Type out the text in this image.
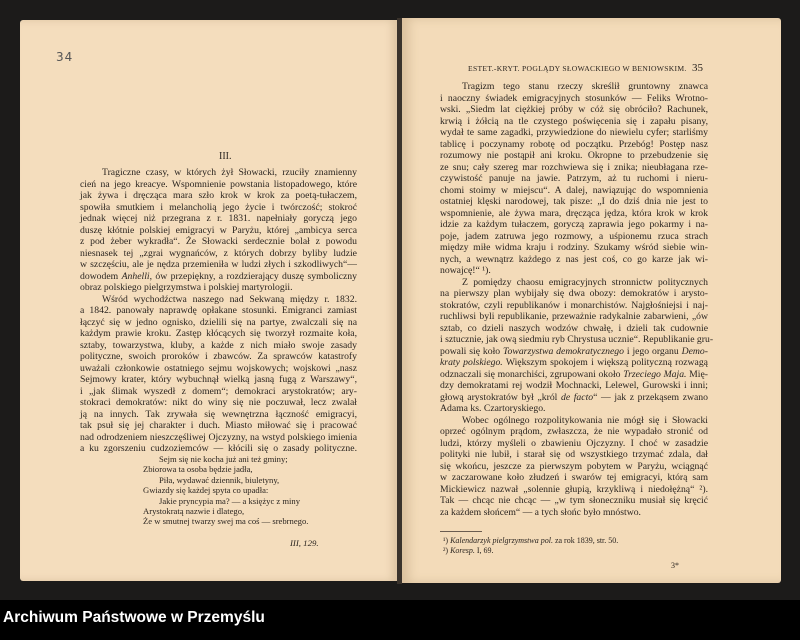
34
III.
Tragiczne czasy, w których żył Słowacki, rzuciły znamienny
cień na jego kreacye. Wspomnienie powstania listopadowego, które
jak żywa i dręcząca mara szło krok w krok za poetą-tułaczem,
spowiła smutkiem i melancholią jego życie i twórczość; stokroć
jednak więcej niż przegrana z r. 1831. napełniały goryczą jego
duszę kłótnie polskiej emigracyi w Paryżu, której „ambicya serca
z pod żeber wykradła“. Że Słowacki serdecznie bolał z powodu
niesnasek tej „zgrai wygnańców, z których dobrzy byliby ludzie
w szczęściu, ale je nędza przemieniła w ludzi złych i szkodliwych“—
dowodem Anhelli, ów przepiękny, a rozdzierający duszę symboliczny
obraz polskiego pielgrzymstwa i polskiej martyrologii.
Wśród wychodźctwa naszego nad Sekwaną między r. 1832.
a 1842. panowały naprawdę opłakane stosunki. Emigranci zamiast
łączyć się w jedno ognisko, dzielili się na partye, zwalczali się na
każdym prawie kroku. Zastęp kłócących się tworzył rozmaite koła,
sztaby, towarzystwa, kluby, a każde z nich miało swoje zasady
polityczne, swoich proroków i zbawców. Za sprawców katastrofy
uważali członkowie ostatniego sejmu wojskowych; wojskowi „nasz
Sejmowy krater, który wybuchnął wielką jasną fugą z Warszawy“,
i „jak ślimak wyszedł z domem“; demokraci arystokratów; ary-
stokraci demokratów: nikt do winy się nie poczuwał, lecz zwalał
ją na innych. Tak zrywała się wewnętrzna łączność emigracyi,
tak psuł się jej charakter i duch. Miasto miłować się i pracować
nad odrodzeniem nieszczęśliwej Ojczyzny, na wstyd polskiego imienia
a ku zgorszeniu cudzoziemców — kłócili się o zasady polityczne.
Sejm się nie kocha już ani też gminy;
Zbiorowa ta osoba będzie jadła,
Piła, wydawać dziennik, biuletyny,
Gwiazdy się każdej spyta co upadła:
Jakie pryncypia ma? — a księżyc z miny
Arystokratą nazwie i dlatego,
Że w smutnej twarzy swej ma coś — srebrnego.
III, 129.
ESTET.-KRYT. POGLĄDY SŁOWACKIEGO W BENIOWSKIM. 35
Tragizm tego stanu rzeczy skreślił gruntowny znawca
i naoczny świadek emigracyjnych stosunków — Feliks Wrotno-
wski. „Siedm lat ciężkiej próby w cóż się obróciło? Rachunek,
krwią i żółcią na tle czystego poświęcenia się i zapału pisany,
wydał te same zagadki, przywiedzione do niewielu cyfer; starliśmy
tablicę i poczynamy robotę od początku. Przebóg! Postęp nasz
rozumowy nie postąpił ani kroku. Okropne to przebudzenie się
ze snu; cały szereg mar rozchwiewa się i znika; nieubłagana rze-
czywistość panuje na jawie. Patrzym, aż tu ruchomi i nieru-
chomi stoimy w miejscu“. A dalej, nawiązując do wspomnienia
ostatniej klęski narodowej, tak pisze: „I do dziś dnia nie jest to
wspomnienie, ale żywa mara, dręcząca jędza, która krok w krok
idzie za każdym tułaczem, goryczą zaprawia jego pokarmy i na-
poje, jadem zatruwa jego rozmowy, a uśpionemu rzuca strach
między miłe widma kraju i rodziny. Szukamy wśród siebie win-
nych, a wewnątrz każdego z nas jest coś, co go karze jak wi-
nowajcę!“ ¹).
Z pomiędzy chaosu emigracyjnych stronnictw politycznych
na pierwszy plan wybijały się dwa obozy: demokratów i arysto-
stokratów, czyli republikanów i monarchistów. Najgłośniejsi i naj-
ruchliwsi byli republikanie, przeważnie radykalnie zabarwieni, „ów
sztab, co dzieli naszych wodzów chwałę, i dzieli tak cudownie
i sztucznie, jak ową siedmiu ryb Chrystusa ucznie“. Republikanie gru-
powali się koło Towarzystwa demokratycznego i jego organu Demo-
kraty polskiego. Większym spokojem i większą polityczną rozwagą
odznaczali się monarchiści, zgrupowani około Trzeciego Maja. Mię-
dzy demokratami rej wodził Mochnacki, Lelewel, Gurowski i inni;
głową arystokratów był „król de facto“ — jak z przekąsem zwano
Adama ks. Czartoryskiego.
Wobec ogólnego rozpolitykowania nie mógł się i Słowacki
oprzeć ogólnym prądom, zwłaszcza, że nie wypadało stronić od
ludzi, którzy myśleli o zbawieniu Ojczyzny. I choć w zasadzie
polityki nie lubił, i starał się od wszystkiego trzymać zdala, dał
się wkońcu, jeszcze za pierwszym pobytem w Paryżu, wciągnąć
w zaczarowane koło złudzeń i swarów tej emigracyi, którą sam
Mickiewicz nazwał „solennie głupią, krzykliwą i niedołężną“ ²).
Tak — chcąc nie chcąc — „w tym słoneczniku musiał się kręcić
za każdem słońcem“ — a tych słońc było mnóstwo.
¹) Kalendarzyk pielgrzymstwa pol. za rok 1839, str. 50.
²) Koresp. I, 69.
3*
Archiwum Państwowe w Przemyślu
